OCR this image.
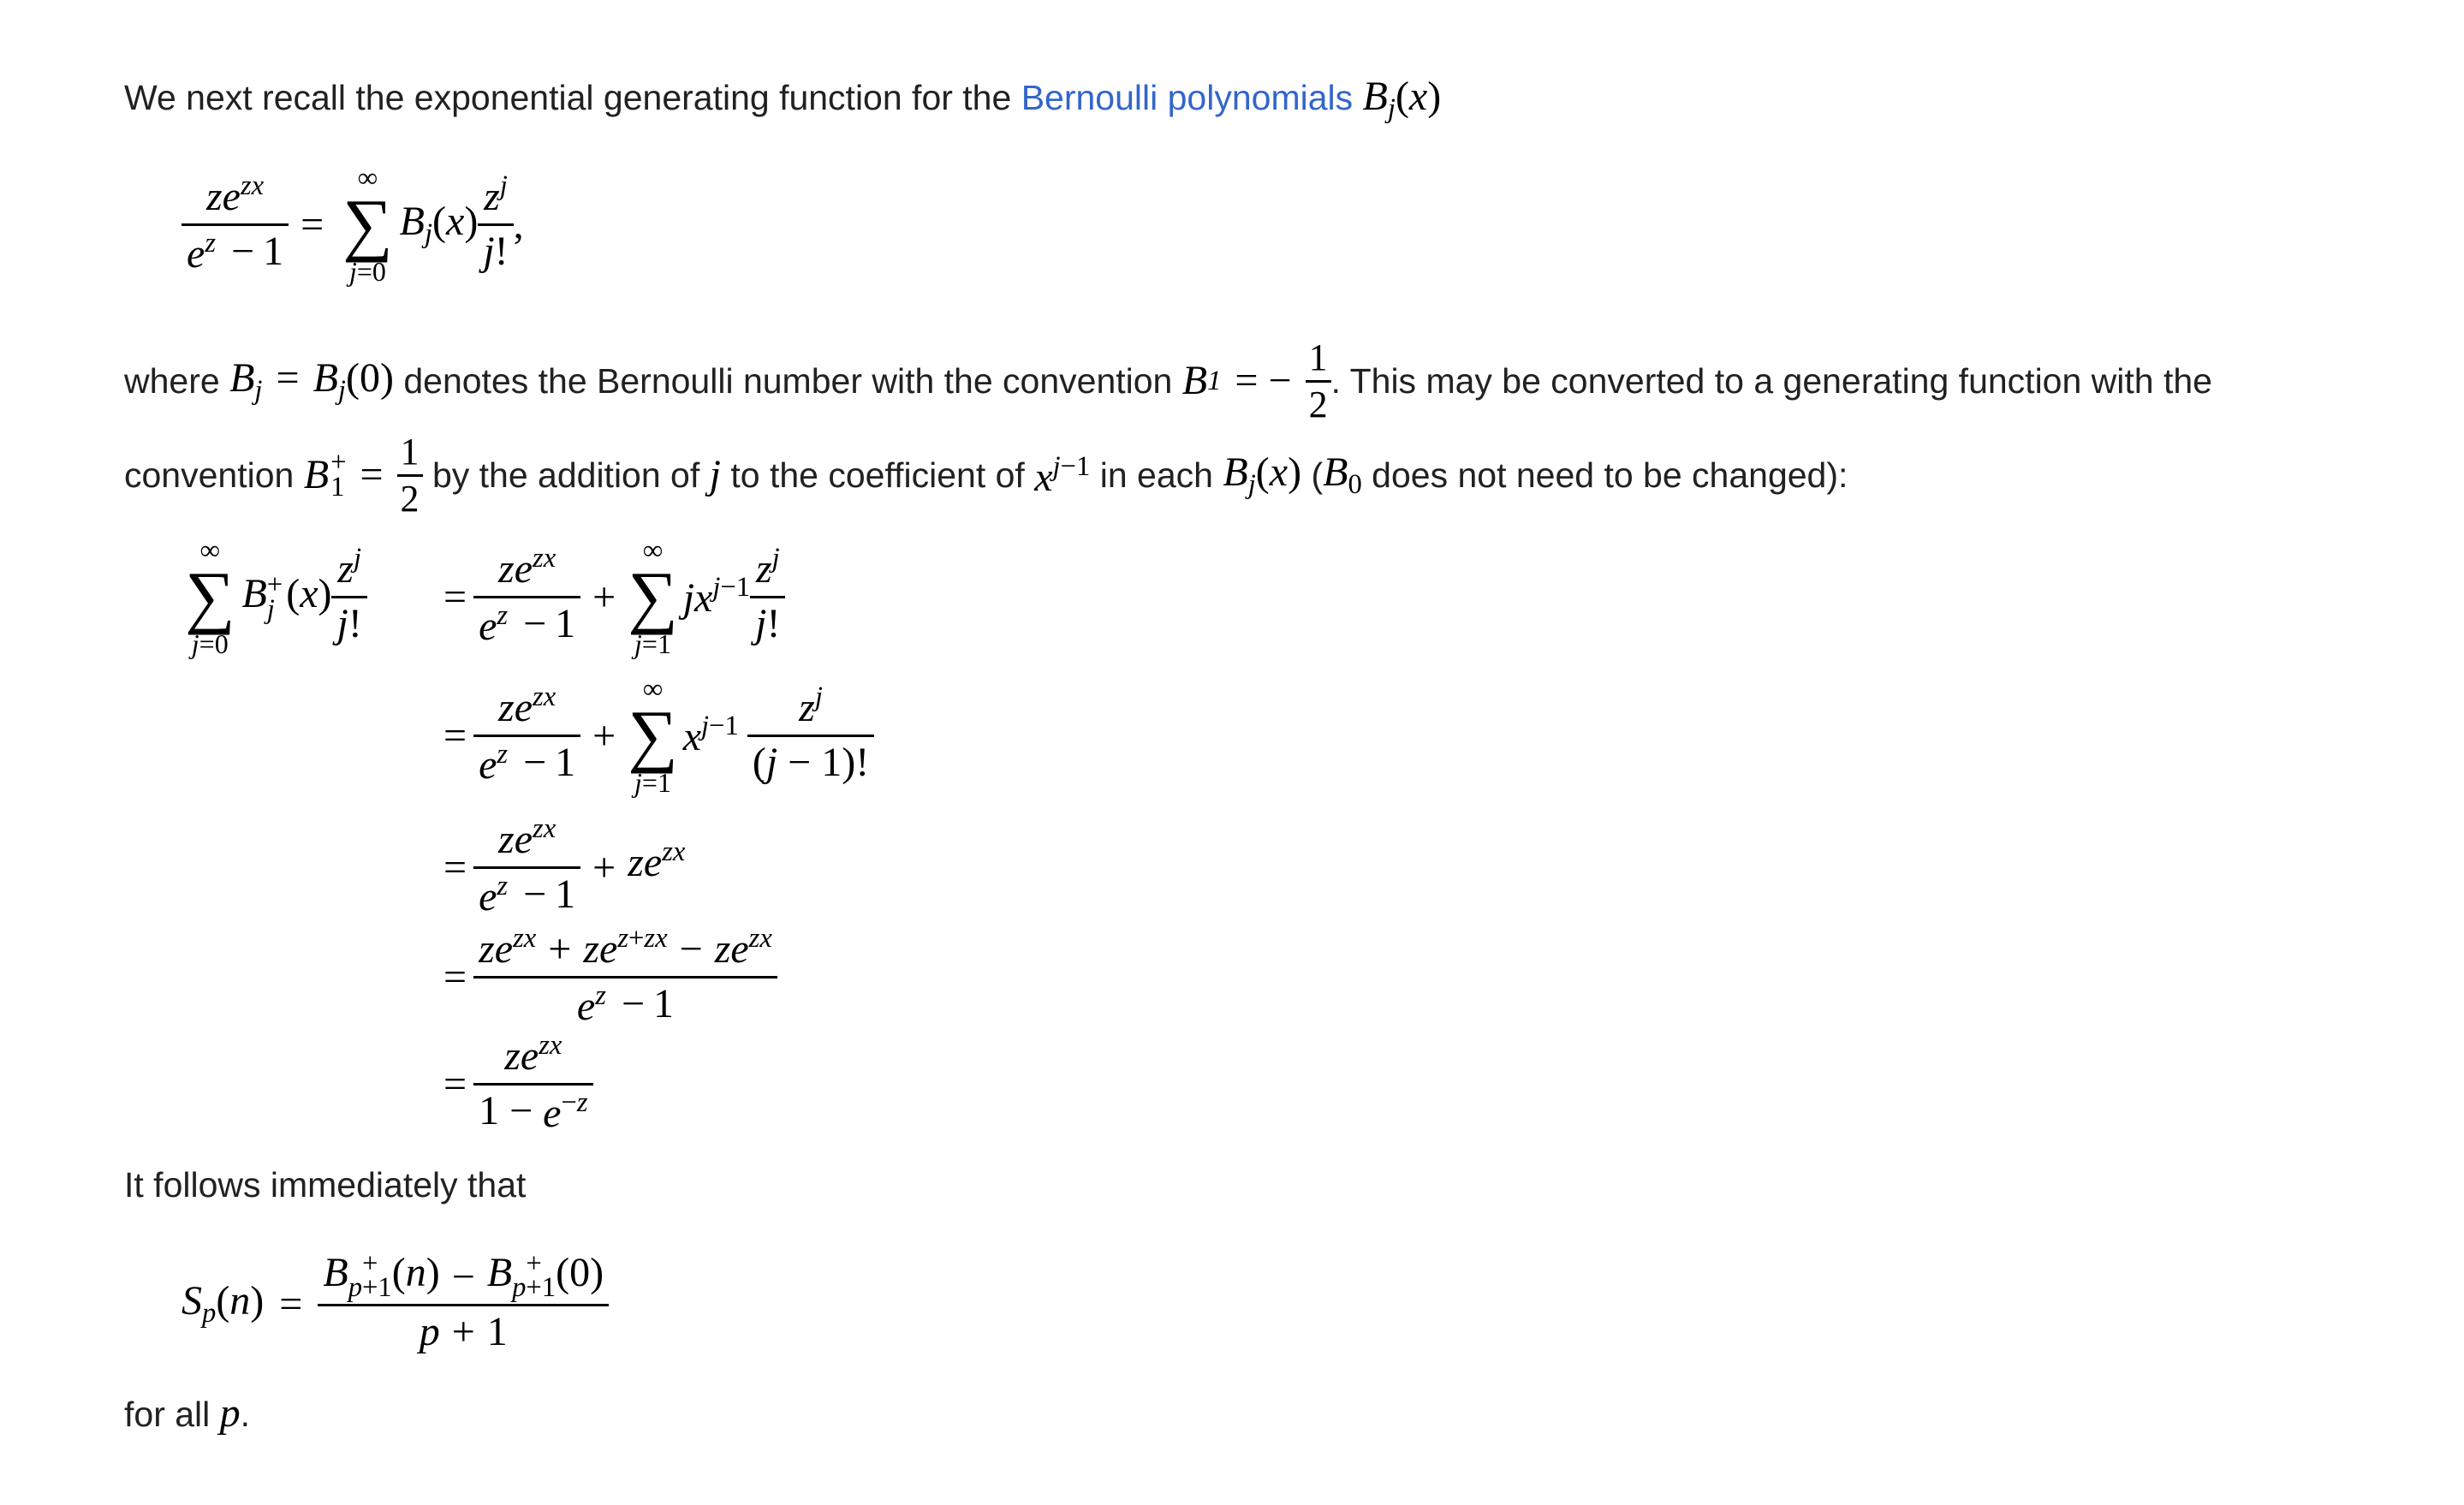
We next recall the exponential generating function for the Bernoulli polynomials $B_j(x)$
$\frac{ze^{zx}}{e^z - 1}$ =
∞
∑
j=0
$B_j(x) \frac{z^j}{j !}$ ,
where
$B_j = B_j(0)$
denotes the Bernoulli number with the convention
B 1 = − $\frac{1}{2}$ . This may be converted to a generating function with the
convention
B +
$1 = \frac{1}{2}$
by the addition of
j
to the coefficient of
$x^{j-1}$
in each
$B_j(x)$
( $B_0$
does not need to be changed):
∞
∑
j=0
B +
j $(x) \frac{z^j}{j !} = \frac{ze^{zx}}{e^z - 1}$ +
∞
∑
j=1
$jx^{j-1} \frac{z^j}{j !}$
= $\frac{ze^{zx}}{e^z - 1}$ +
∞
∑
j=1
$x^{j-1} \frac{z^j}{( j - 1 )!}$
= $\frac{ze^{zx}}{e^z - 1} + ze^{zx}$
= $\frac{ze^{zx} + ze^{z+zx} - ze^{zx}}{e^z - 1}$
= $\frac{ze^{zx}}{1 - e^{-z}}$
It follows immediately that
$S_p(n) = B$ +
p+1 (n) − B +
p+1 (0)
p + 1
for all p.
